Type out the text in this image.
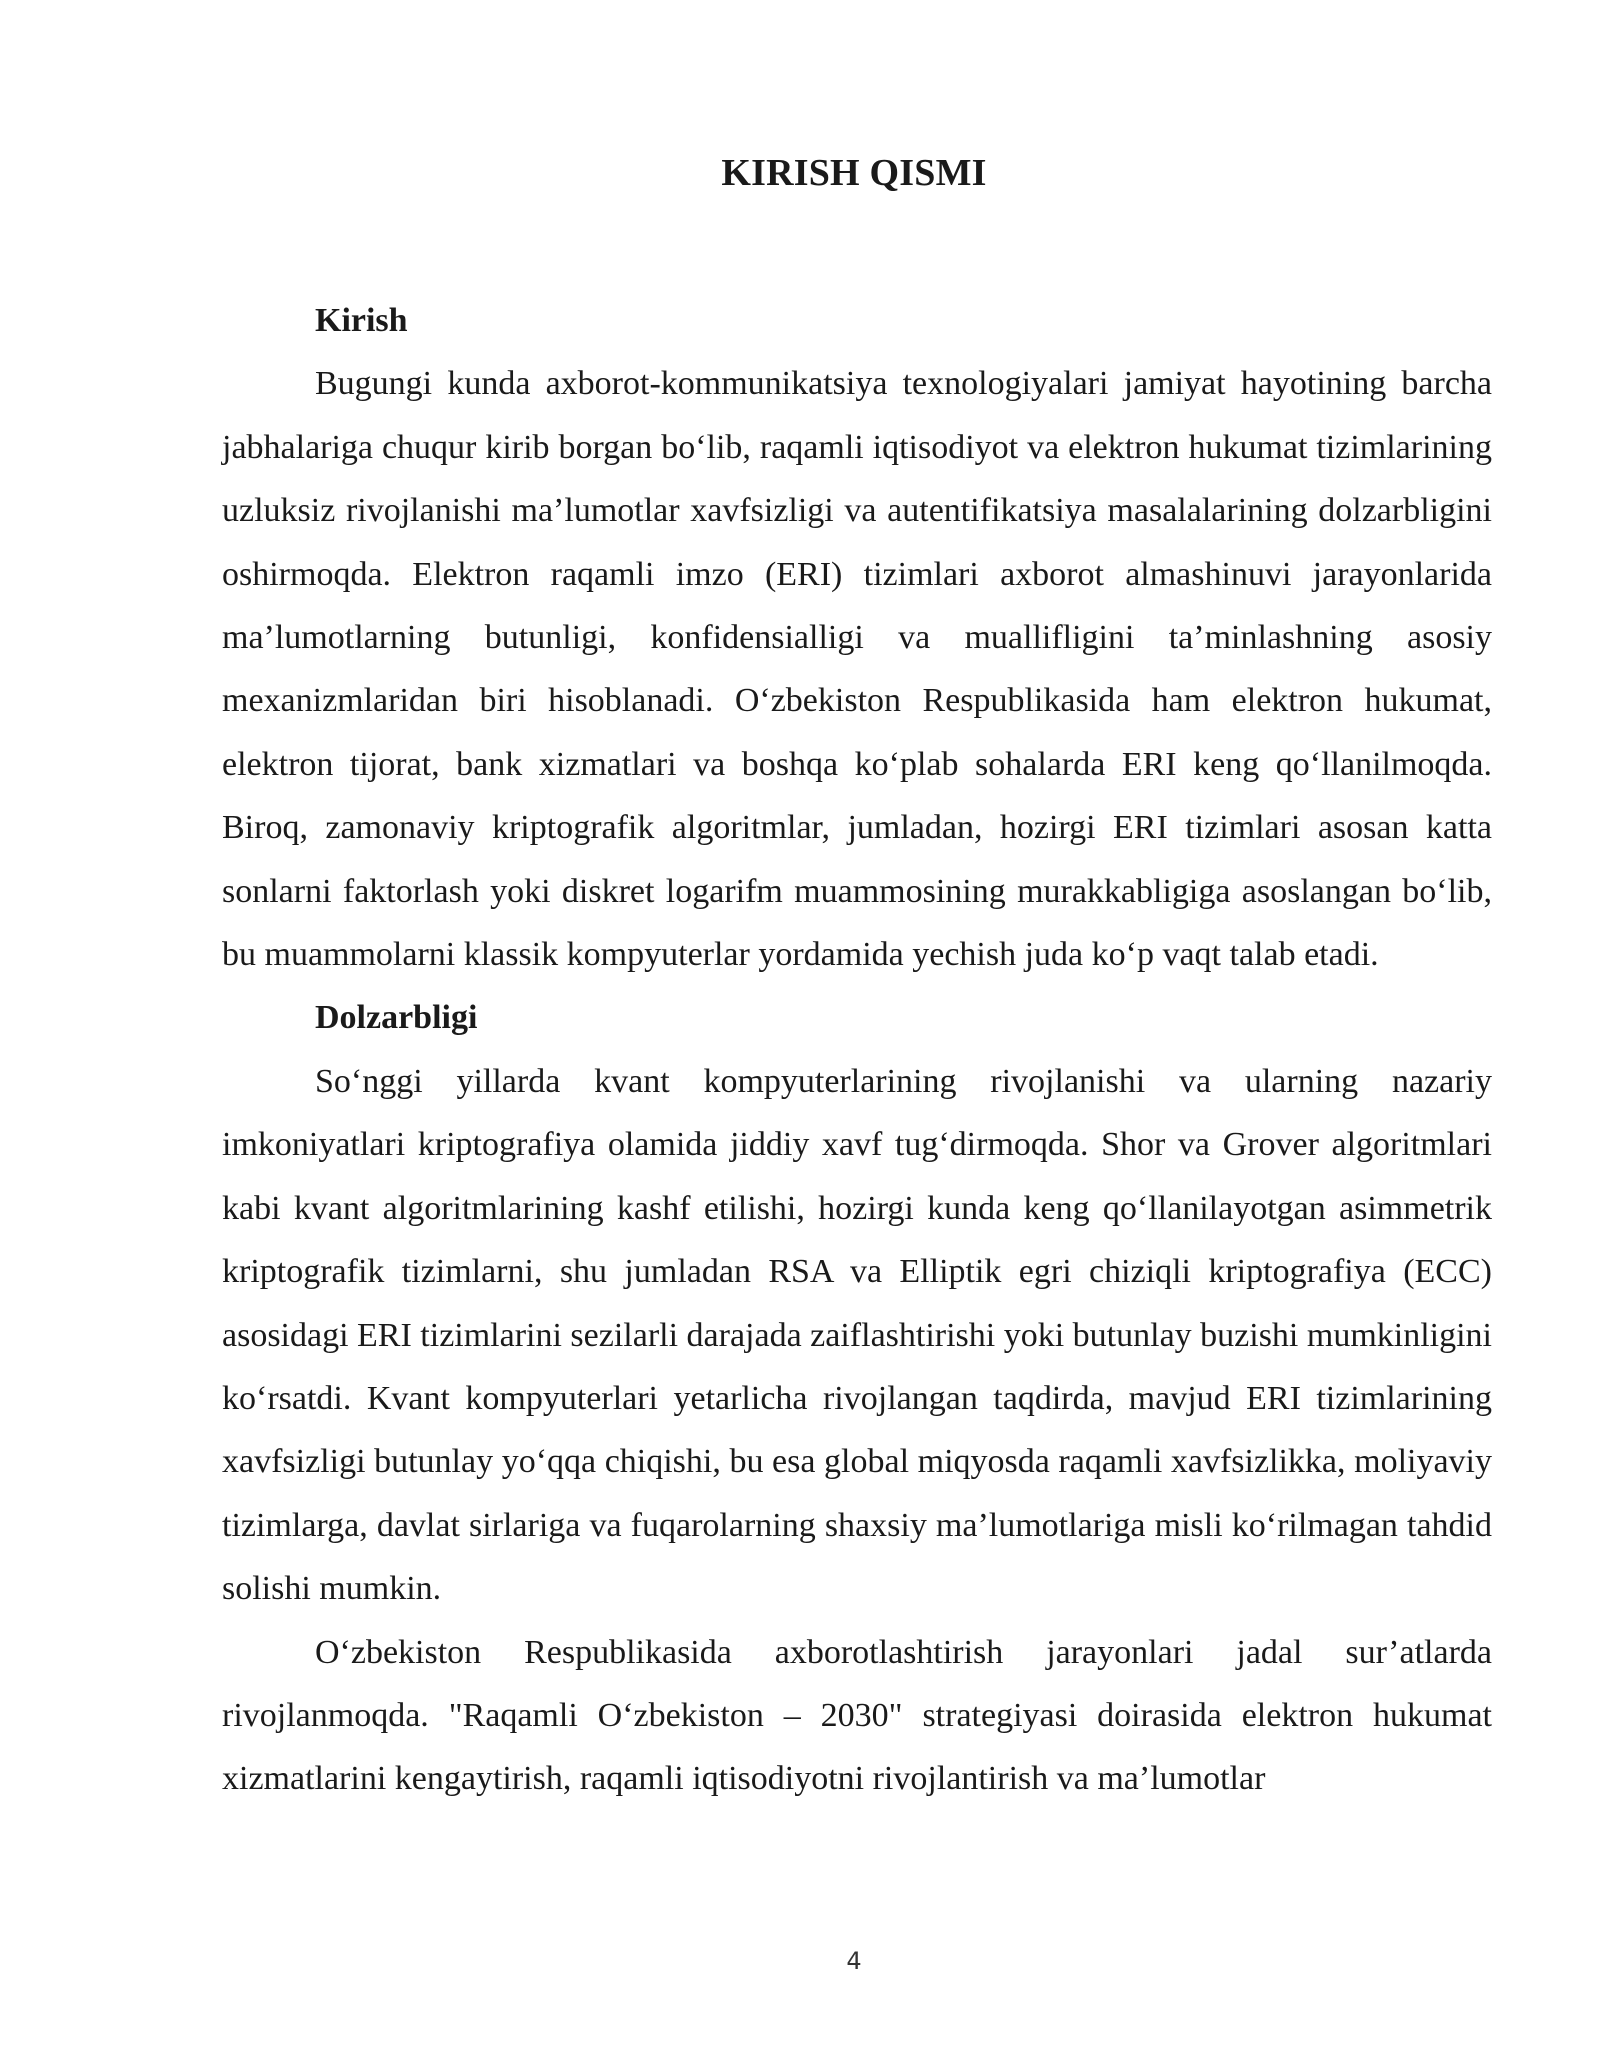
KIRISH QISMI

Kirish

Bugungi kunda axborot-kommunikatsiya texnologiyalari jamiyat hayotining barcha jabhalariga chuqur kirib borgan bo‘lib, raqamli iqtisodiyot va elektron hukumat tizimlarining uzluksiz rivojlanishi ma’lumotlar xavfsizligi va autentifikatsiya masalalarining dolzarbligini oshirmoqda. Elektron raqamli imzo (ERI) tizimlari axborot almashinuvi jarayonlarida ma’lumotlarning butunligi, konfidensialligi va muallifligini ta’minlashning asosiy mexanizmlaridan biri hisoblanadi. O‘zbekiston Respublikasida ham elektron hukumat, elektron tijorat, bank xizmatlari va boshqa ko‘plab sohalarda ERI keng qo‘llanilmoqda. Biroq, zamonaviy kriptografik algoritmlar, jumladan, hozirgi ERI tizimlari asosan katta sonlarni faktorlash yoki diskret logarifm muammosining murakkabligiga asoslangan bo‘lib, bu muammolarni klassik kompyuterlar yordamida yechish juda ko‘p vaqt talab etadi.

Dolzarbligi

So‘nggi yillarda kvant kompyuterlarining rivojlanishi va ularning nazariy imkoniyatlari kriptografiya olamida jiddiy xavf tug‘dirmoqda. Shor va Grover algoritmlari kabi kvant algoritmlarining kashf etilishi, hozirgi kunda keng qo‘llanilayotgan asimmetrik kriptografik tizimlarni, shu jumladan RSA va Elliptik egri chiziqli kriptografiya (ECC) asosidagi ERI tizimlarini sezilarli darajada zaiflashtirishi yoki butunlay buzishi mumkinligini ko‘rsatdi. Kvant kompyuterlari yetarlicha rivojlangan taqdirda, mavjud ERI tizimlarining xavfsizligi butunlay yo‘qqa chiqishi, bu esa global miqyosda raqamli xavfsizlikka, moliyaviy tizimlarga, davlat sirlariga va fuqarolarning shaxsiy ma’lumotlariga misli ko‘rilmagan tahdid solishi mumkin.

O‘zbekiston Respublikasida axborotlashtirish jarayonlari jadal sur’atlarda rivojlanmoqda. "Raqamli O‘zbekiston – 2030" strategiyasi doirasida elektron hukumat xizmatlarini kengaytirish, raqamli iqtisodiyotni rivojlantirish va ma’lumotlar

4
